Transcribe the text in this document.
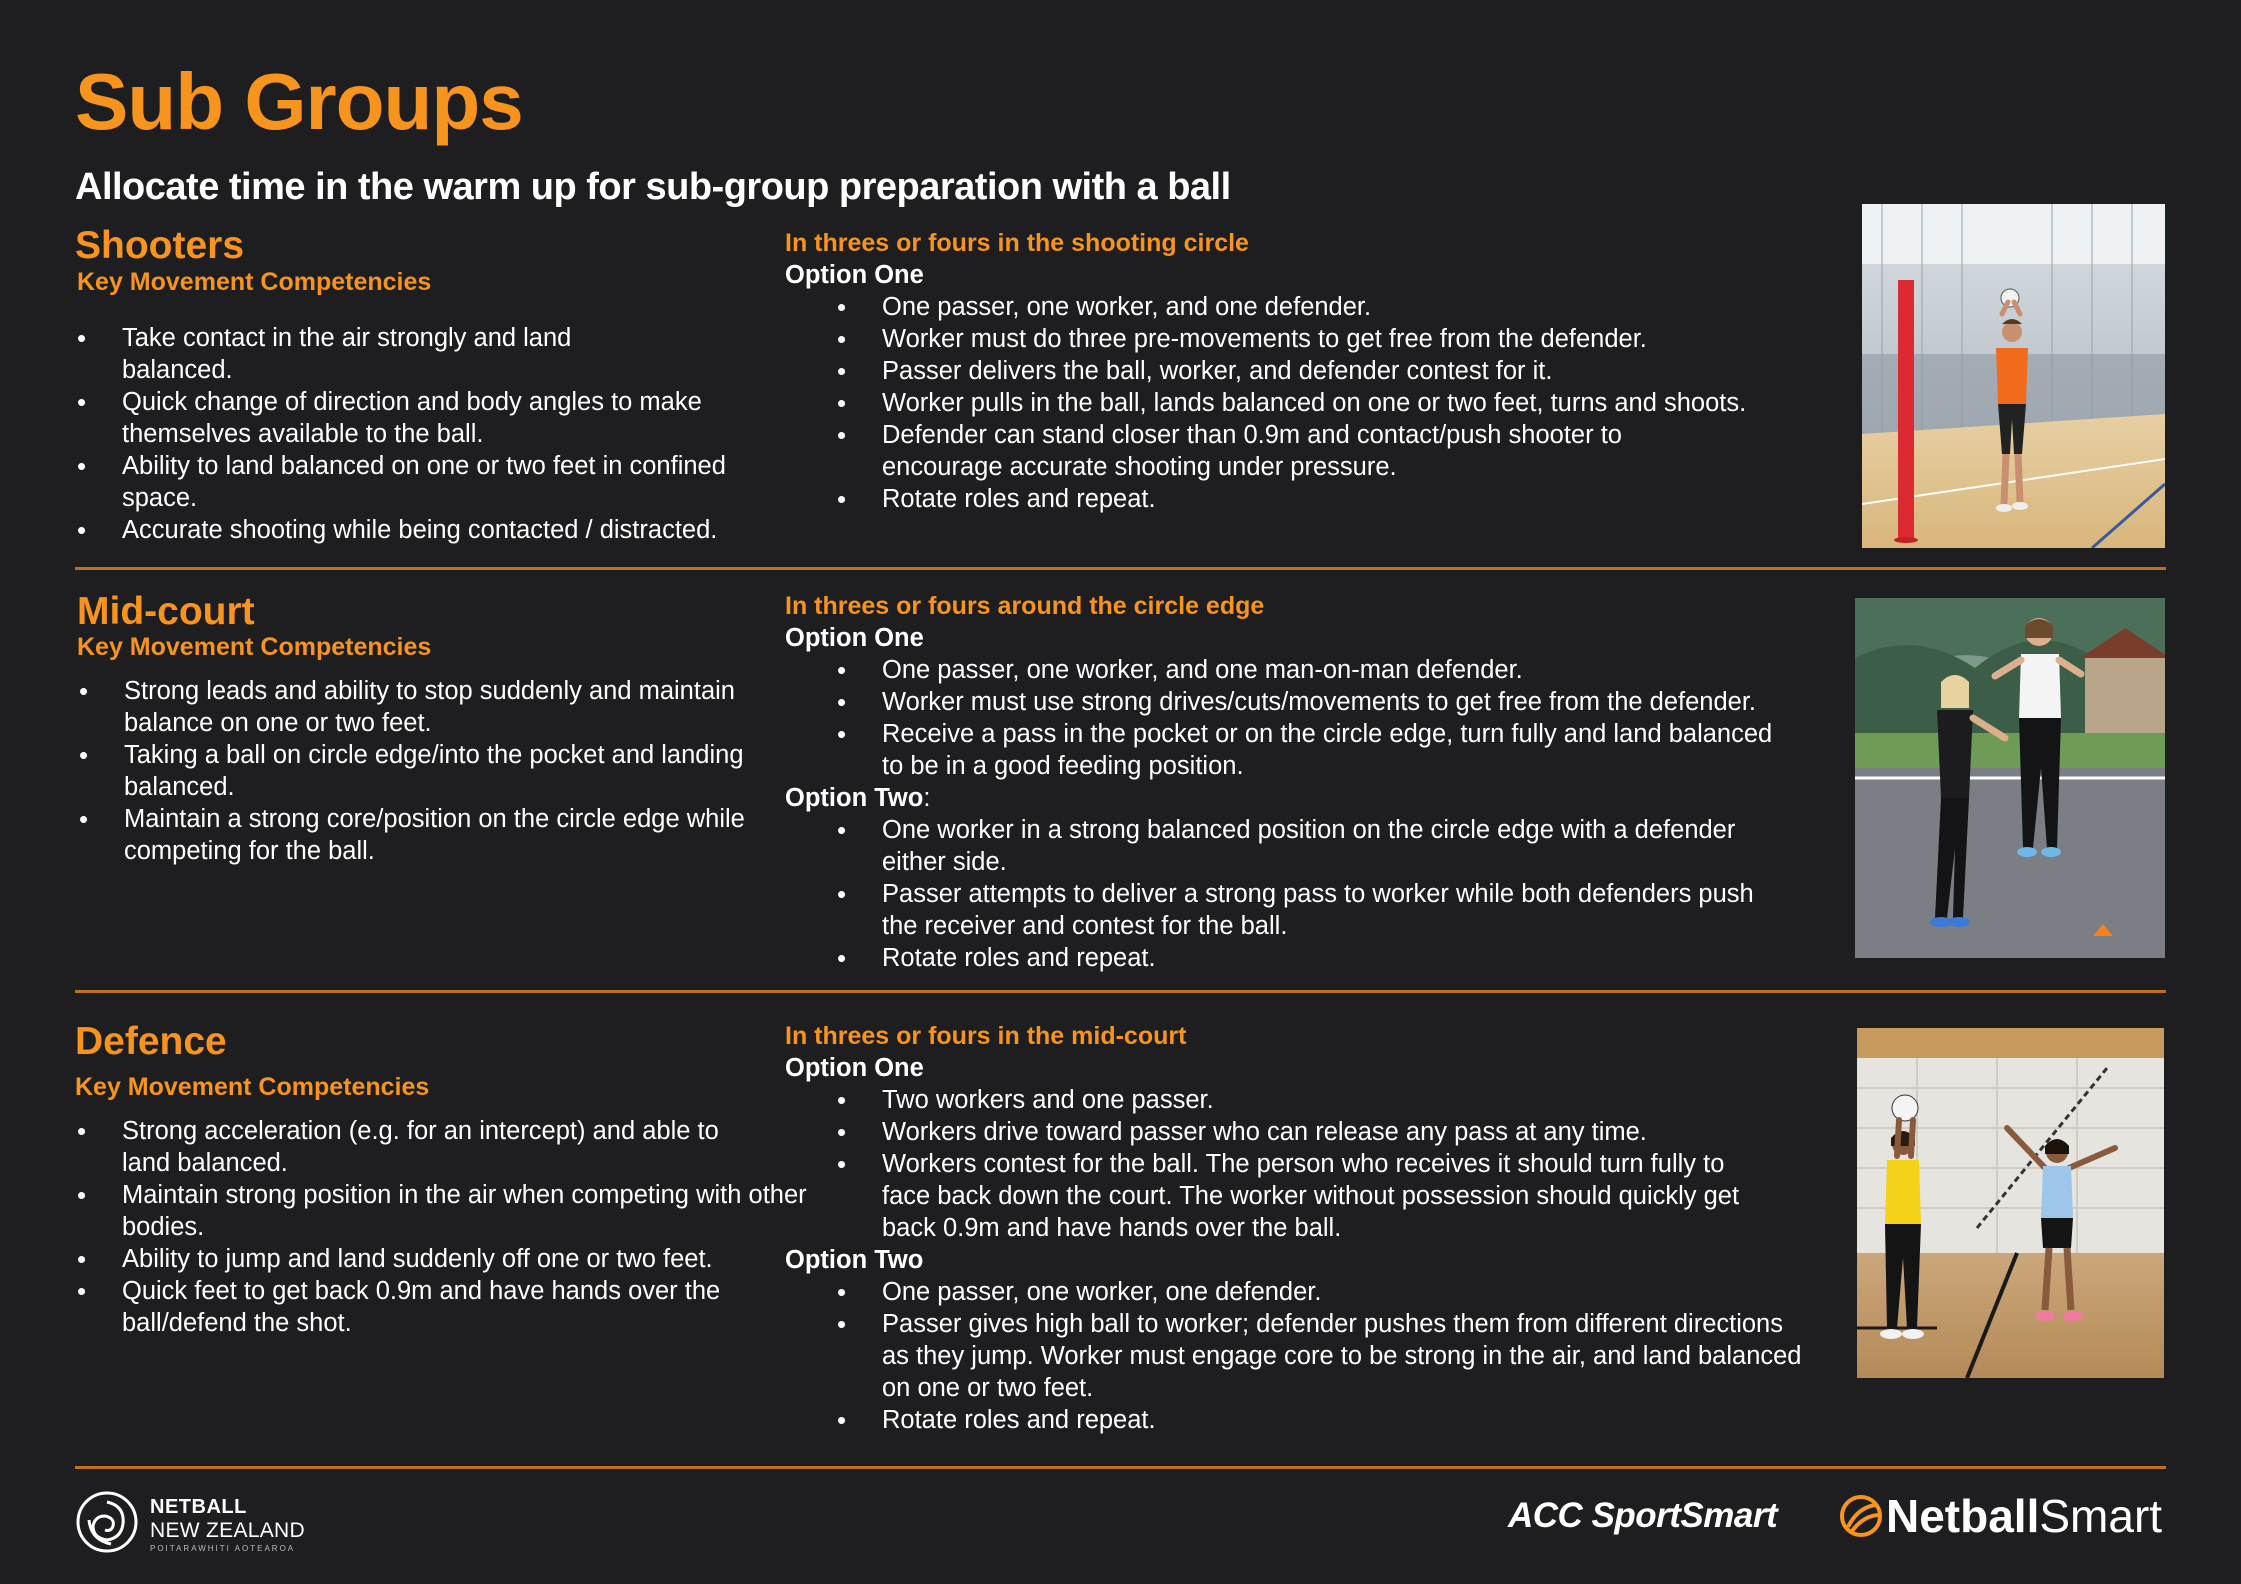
Sub Groups
Allocate time in the warm up for sub-group preparation with a ball
Shooters

Key Movement Competencies

• Take contact in the air strongly and land balanced.
• Quick change of direction and body angles to make themselves available to the ball.
• Ability to land balanced on one or two feet in confined space.
• Accurate shooting while being contacted / distracted.

In threes or fours in the shooting circle

Option One

• One passer, one worker, and one defender.
• Worker must do three pre-movements to get free from the defender.
• Passer delivers the ball, worker, and defender contest for it.
• Worker pulls in the ball, lands balanced on one or two feet, turns and shoots.
• Defender can stand closer than 0.9m and contact/push shooter to encourage accurate shooting under pressure.
• Rotate roles and repeat.
Mid-court

Key Movement Competencies

• Strong leads and ability to stop suddenly and maintain balance on one or two feet.
• Taking a ball on circle edge/into the pocket and landing balanced.
• Maintain a strong core/position on the circle edge while competing for the ball.

In threes or fours around the circle edge

Option One

• One passer, one worker, and one man-on-man defender.
• Worker must use strong drives/cuts/movements to get free from the defender.
• Receive a pass in the pocket or on the circle edge, turn fully and land balanced to be in a good feeding position.

Option Two:

• One worker in a strong balanced position on the circle edge with a defender either side.
• Passer attempts to deliver a strong pass to worker while both defenders push the receiver and contest for the ball.
• Rotate roles and repeat.
Defence

Key Movement Competencies

• Strong acceleration (e.g. for an intercept) and able to land balanced.
• Maintain strong position in the air when competing with other bodies.
• Ability to jump and land suddenly off one or two feet.
• Quick feet to get back 0.9m and have hands over the ball/defend the shot.

In threes or fours in the mid-court

Option One

• Two workers and one passer.
• Workers drive toward passer who can release any pass at any time.
• Workers contest for the ball. The person who receives it should turn fully to face back down the court. The worker without possession should quickly get back 0.9m and have hands over the ball.

Option Two

• One passer, one worker, one defender.
• Passer gives high ball to worker; defender pushes them from different directions as they jump. Worker must engage core to be strong in the air, and land balanced on one or two feet.
• Rotate roles and repeat.
NETBALL
NEW ZEALAND
POITARAWHITI AOTEAROA
ACC SportSmart Netball Smart
